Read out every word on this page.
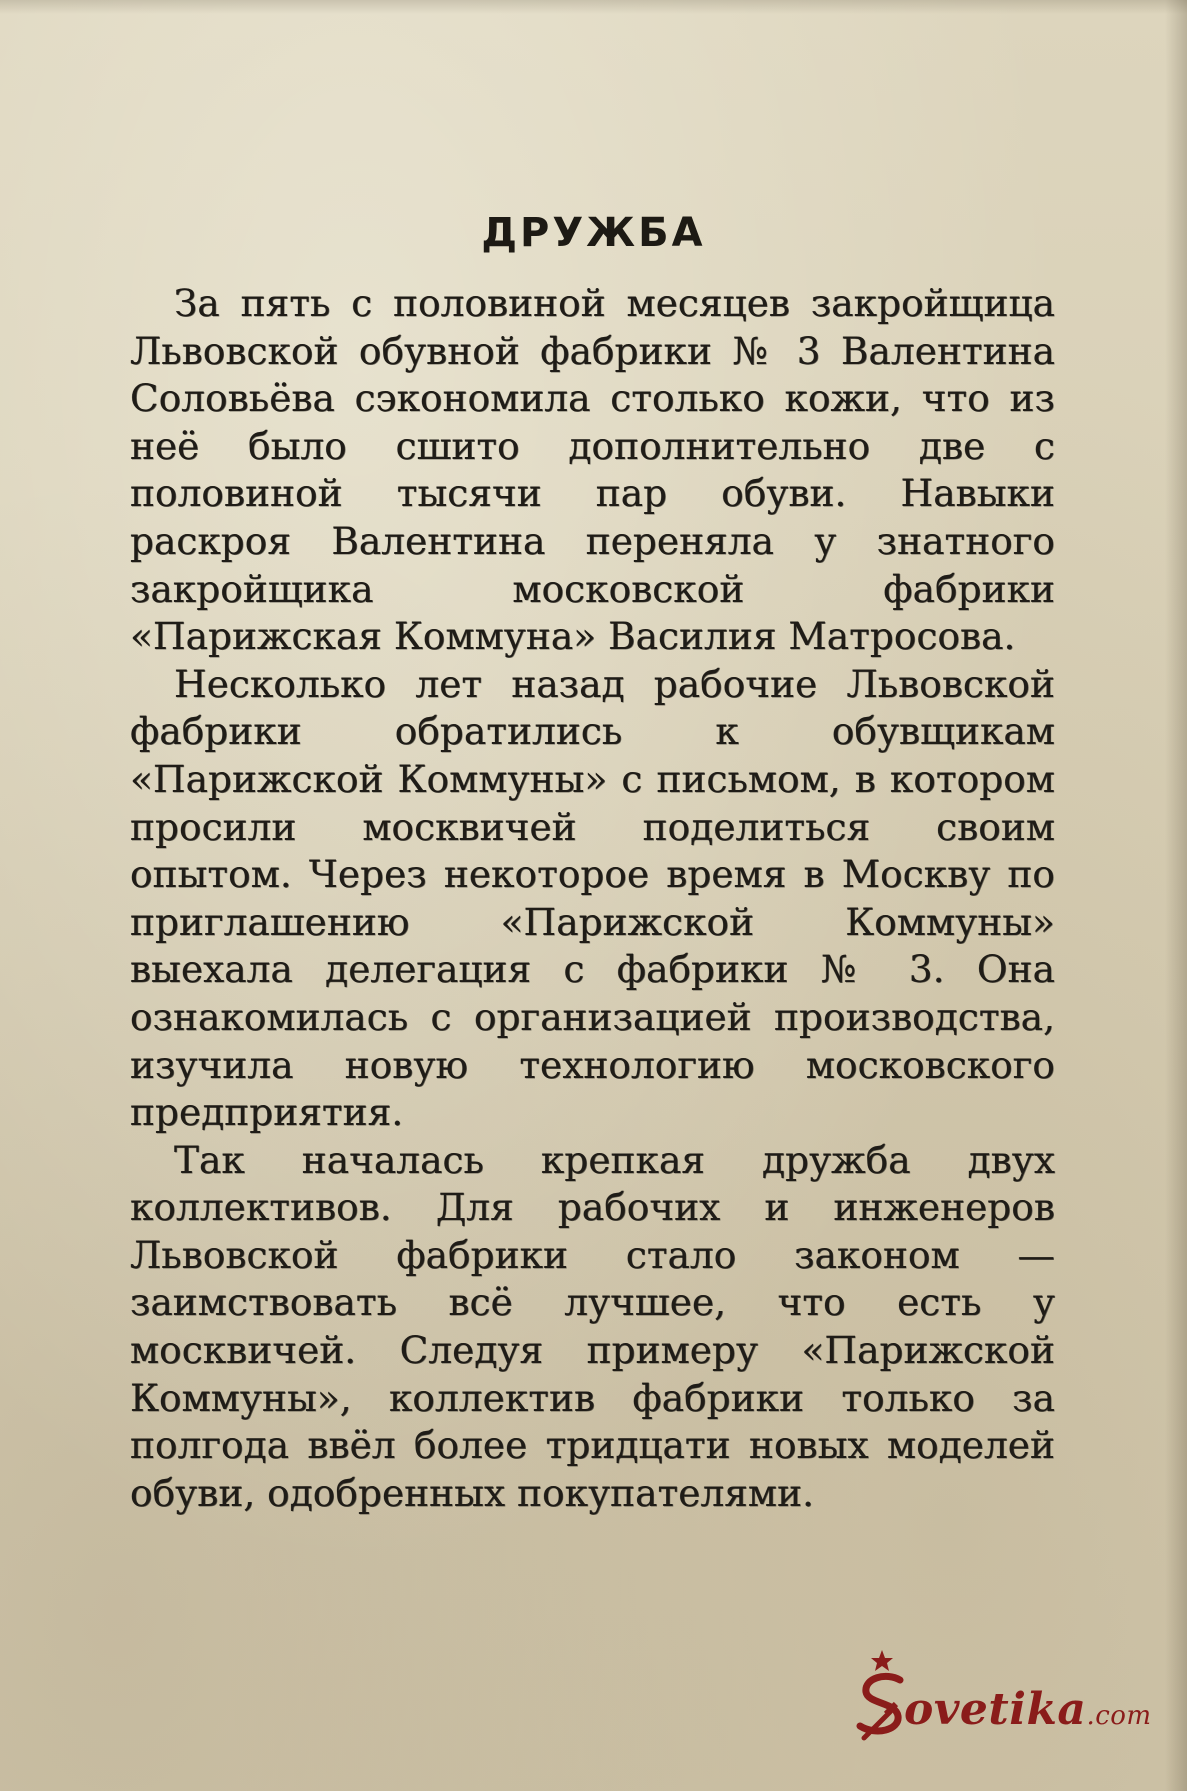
ДРУЖБА

За пять с половиной месяцев закройщица Львовской обувной фабрики № 3 Валентина Соловьёва сэкономила столько кожи, что из неё было сшито дополнительно две с половиной тысячи пар обуви. Навыки раскроя Валентина переняла у знатного закройщика московской фабрики «Парижская Коммуна» Василия Матросова.

Несколько лет назад рабочие Львовской фабрики обратились к обувщикам «Парижской Коммуны» с письмом, в котором просили москвичей поделиться своим опытом. Через некоторое время в Москву по приглашению «Парижской Коммуны» выехала делегация с фабрики № 3. Она ознакомилась с организацией производства, изучила новую технологию московского предприятия.

Так началась крепкая дружба двух коллективов. Для рабочих и инженеров Львовской фабрики стало законом — заимствовать всё лучшее, что есть у москвичей. Следуя примеру «Парижской Коммуны», коллектив фабрики только за полгода ввёл более тридцати новых моделей обуви, одобренных покупателями.

ovetika.com
